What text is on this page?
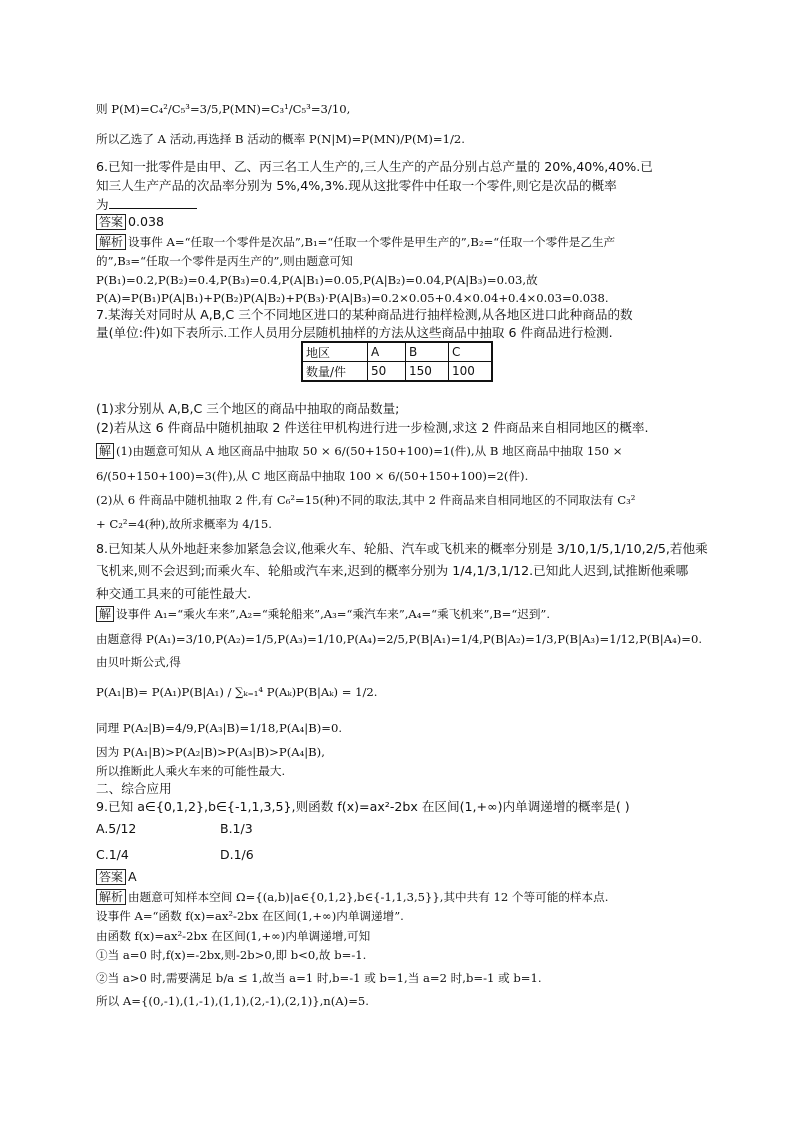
则 P(M)=C₄²/C₅³=3/5,P(MN)=C₃¹/C₅³=3/10,
所以乙选了 A 活动,再选择 B 活动的概率 P(N|M)=P(MN)/P(M)=1/2.
6.已知一批零件是由甲、乙、丙三名工人生产的,三人生产的产品分别占总产量的 20%,40%,40%.已
知三人生产产品的次品率分别为 5%,4%,3%.现从这批零件中任取一个零件,则它是次品的概率
为
答案 0.038
解析 设事件 A=“任取一个零件是次品”,B₁=“任取一个零件是甲生产的”,B₂=“任取一个零件是乙生产
的”,B₃=“任取一个零件是丙生产的”,则由题意可知
P(B₁)=0.2,P(B₂)=0.4,P(B₃)=0.4,P(A|B₁)=0.05,P(A|B₂)=0.04,P(A|B₃)=0.03,故
P(A)=P(B₁)P(A|B₁)+P(B₂)P(A|B₂)+P(B₃)·P(A|B₃)=0.2×0.05+0.4×0.04+0.4×0.03=0.038.
7.某海关对同时从 A,B,C 三个不同地区进口的某种商品进行抽样检测,从各地区进口此种商品的数
量(单位:件)如下表所示.工作人员用分层随机抽样的方法从这些商品中抽取 6 件商品进行检测.
地区	A	B	C
数量/件	50	150	100
(1)求分别从 A,B,C 三个地区的商品中抽取的商品数量;
(2)若从这 6 件商品中随机抽取 2 件送往甲机构进行进一步检测,求这 2 件商品来自相同地区的概率.
解 (1)由题意可知从 A 地区商品中抽取 50 × 6/(50+150+100)=1(件),从 B 地区商品中抽取 150 ×
6/(50+150+100)=3(件),从 C 地区商品中抽取 100 × 6/(50+150+100)=2(件).
(2)从 6 件商品中随机抽取 2 件,有 C₆²=15(种)不同的取法,其中 2 件商品来自相同地区的不同取法有 C₃²
+ C₂²=4(种),故所求概率为 4/15.
8.已知某人从外地赶来参加紧急会议,他乘火车、轮船、汽车或飞机来的概率分别是 3/10,1/5,1/10,2/5,若他乘
飞机来,则不会迟到;而乘火车、轮船或汽车来,迟到的概率分别为 1/4,1/3,1/12.已知此人迟到,试推断他乘哪
种交通工具来的可能性最大.
解 设事件 A₁=“乘火车来”,A₂=“乘轮船来”,A₃=“乘汽车来”,A₄=“乘飞机来”,B=“迟到”.
由题意得 P(A₁)=3/10,P(A₂)=1/5,P(A₃)=1/10,P(A₄)=2/5,P(B|A₁)=1/4,P(B|A₂)=1/3,P(B|A₃)=1/12,P(B|A₄)=0.
由贝叶斯公式,得
P(A₁|B)= P(A₁)P(B|A₁) / ∑ₖ₌₁⁴ P(Aₖ)P(B|Aₖ) = 1/2.
同理 P(A₂|B)=4/9,P(A₃|B)=1/18,P(A₄|B)=0.
因为 P(A₁|B)>P(A₂|B)>P(A₃|B)>P(A₄|B),
所以推断此人乘火车来的可能性最大.
二、综合应用
9.已知 a∈{0,1,2},b∈{-1,1,3,5},则函数 f(x)=ax²-2bx 在区间(1,+∞)内单调递增的概率是( )
A.5/12	B.1/3
C.1/4	D.1/6
答案 A
解析 由题意可知样本空间 Ω={(a,b)|a∈{0,1,2},b∈{-1,1,3,5}},其中共有 12 个等可能的样本点.
设事件 A=“函数 f(x)=ax²-2bx 在区间(1,+∞)内单调递增”.
由函数 f(x)=ax²-2bx 在区间(1,+∞)内单调递增,可知
①当 a=0 时,f(x)=-2bx,则-2b>0,即 b<0,故 b=-1.
②当 a>0 时,需要满足 b/a ≤ 1,故当 a=1 时,b=-1 或 b=1,当 a=2 时,b=-1 或 b=1.
所以 A={(0,-1),(1,-1),(1,1),(2,-1),(2,1)},n(A)=5.
